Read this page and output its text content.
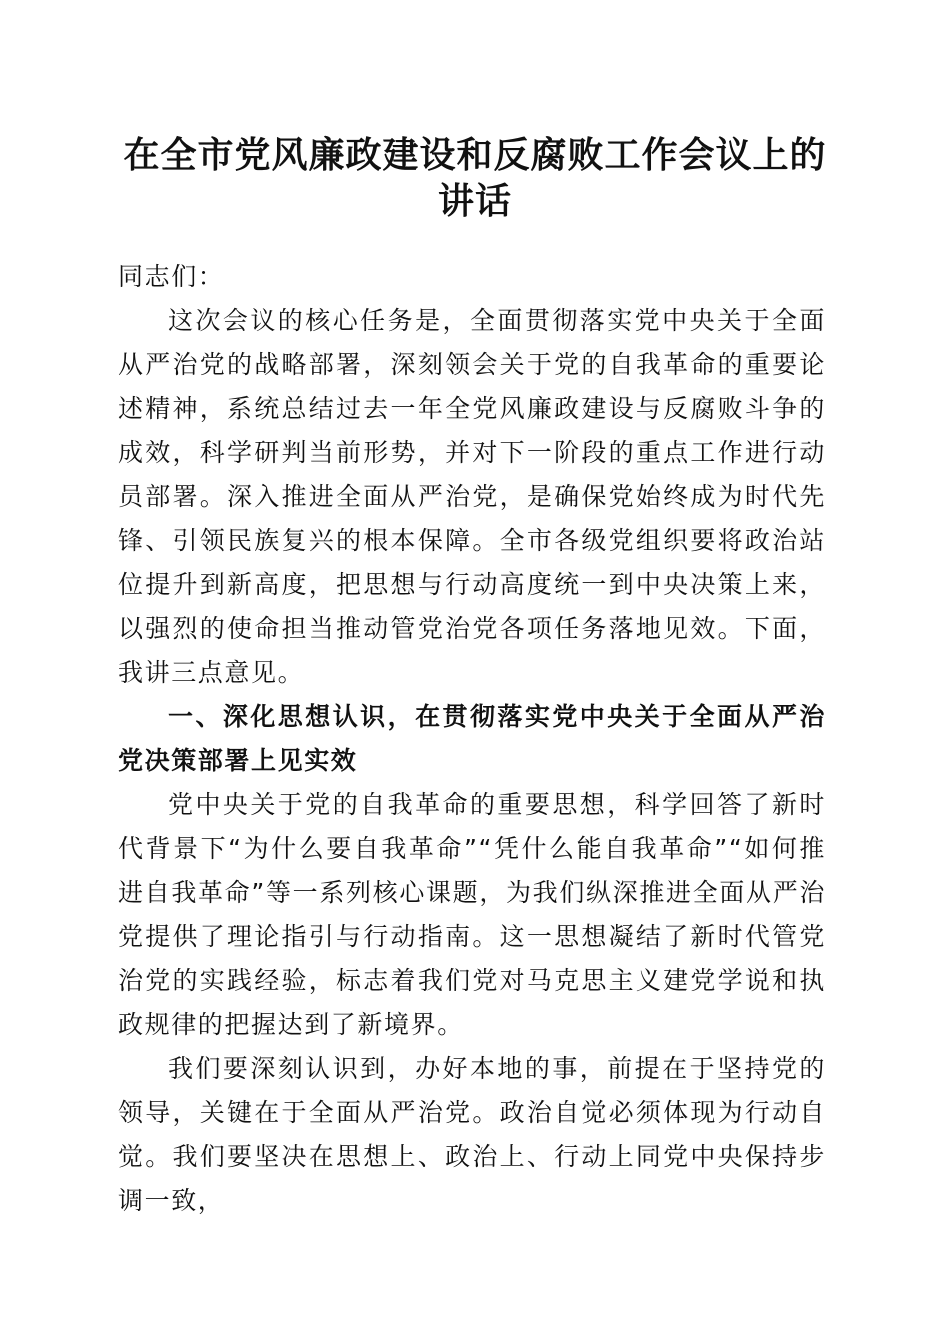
在全市党风廉政建设和反腐败工作会议上的讲话

同志们：

这次会议的核心任务是，全面贯彻落实党中央关于全面从严治党的战略部署，深刻领会关于党的自我革命的重要论述精神，系统总结过去一年全党风廉政建设与反腐败斗争的成效，科学研判当前形势，并对下一阶段的重点工作进行动员部署。深入推进全面从严治党，是确保党始终成为时代先锋、引领民族复兴的根本保障。全市各级党组织要将政治站位提升到新高度，把思想与行动高度统一到中央决策上来，以强烈的使命担当推动管党治党各项任务落地见效。下面，我讲三点意见。

一、深化思想认识，在贯彻落实党中央关于全面从严治党决策部署上见实效

党中央关于党的自我革命的重要思想，科学回答了新时代背景下“为什么要自我革命”“凭什么能自我革命”“如何推进自我革命”等一系列核心课题，为我们纵深推进全面从严治党提供了理论指引与行动指南。这一思想凝结了新时代管党治党的实践经验，标志着我们党对马克思主义建党学说和执政规律的把握达到了新境界。

我们要深刻认识到，办好本地的事，前提在于坚持党的领导，关键在于全面从严治党。政治自觉必须体现为行动自觉。我们要坚决在思想上、政治上、行动上同党中央保持步调一致，
